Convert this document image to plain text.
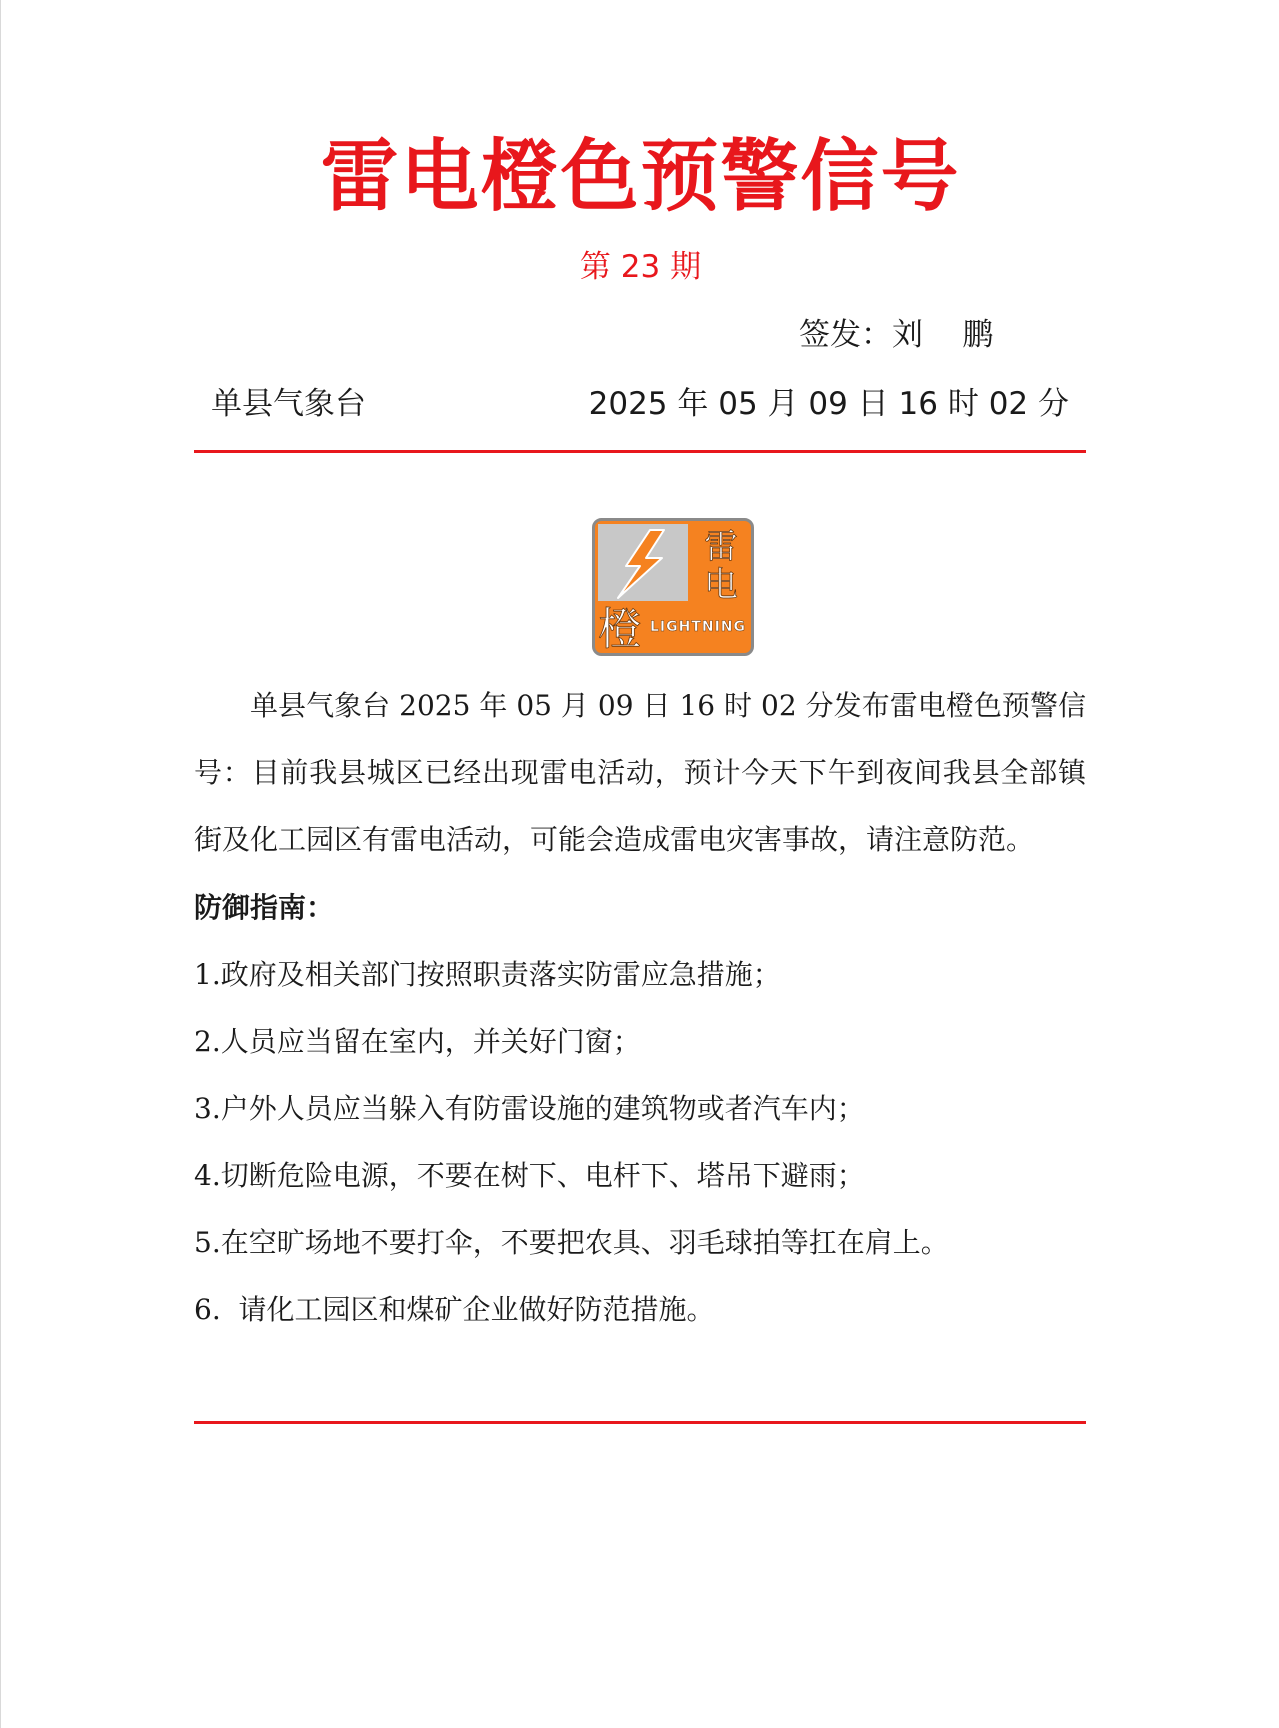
雷电橙色预警信号
第 23 期
签发：刘    鹏
单县气象台	2025 年 05 月 09 日 16 时 02 分
雷
电
橙 LIGHTNING

单县气象台 2025 年 05 月 09 日 16 时 02 分发布雷电橙色预警信号：目前我县城区已经出现雷电活动，预计今天下午到夜间我县全部镇街及化工园区有雷电活动，可能会造成雷电灾害事故，请注意防范。

防御指南：
1.政府及相关部门按照职责落实防雷应急措施；
2.人员应当留在室内，并关好门窗；
3.户外人员应当躲入有防雷设施的建筑物或者汽车内；
4.切断危险电源，不要在树下、电杆下、塔吊下避雨；
5.在空旷场地不要打伞，不要把农具、羽毛球拍等扛在肩上。
6.  请化工园区和煤矿企业做好防范措施。
